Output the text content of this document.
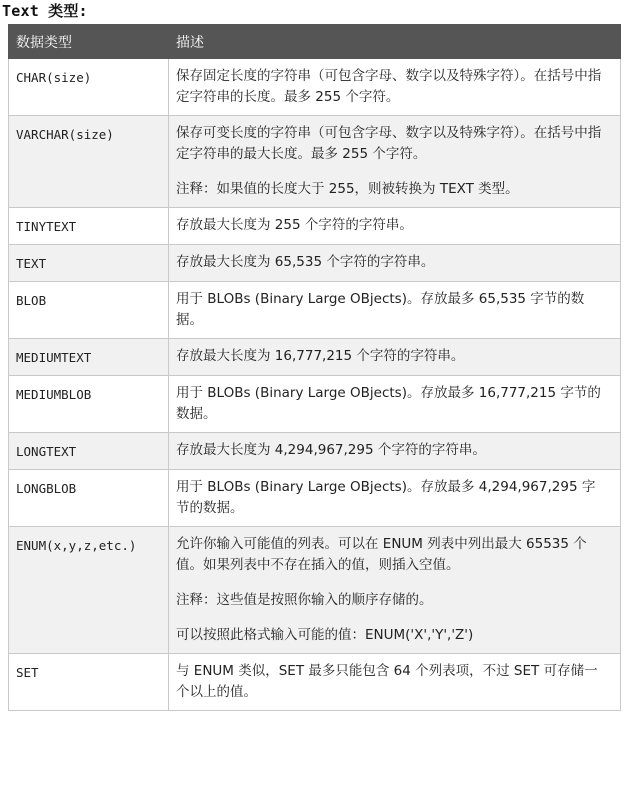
Text 类型:
数据类型	描述
CHAR(size)	保存固定长度的字符串（可包含字母、数字以及特殊字符）。在括号中指定字符串的长度。最多 255 个字符。

VARCHAR(size)	保存可变长度的字符串（可包含字母、数字以及特殊字符）。在括号中指定字符串的最大长度。最多 255 个字符。
注释：如果值的长度大于 255，则被转换为 TEXT 类型。

TINYTEXT	存放最大长度为 255 个字符的字符串。

TEXT	存放最大长度为 65,535 个字符的字符串。

BLOB	用于 BLOBs (Binary Large OBjects)。存放最多 65,535 字节的数据。

MEDIUMTEXT	存放最大长度为 16,777,215 个字符的字符串。

MEDIUMBLOB	用于 BLOBs (Binary Large OBjects)。存放最多 16,777,215 字节的数据。

LONGTEXT	存放最大长度为 4,294,967,295 个字符的字符串。

LONGBLOB	用于 BLOBs (Binary Large OBjects)。存放最多 4,294,967,295 字节的数据。

ENUM(x,y,z,etc.)	允许你输入可能值的列表。可以在 ENUM 列表中列出最大 65535 个值。如果列表中不存在插入的值，则插入空值。
注释：这些值是按照你输入的顺序存储的。
可以按照此格式输入可能的值：ENUM('X','Y','Z')

SET	与 ENUM 类似，SET 最多只能包含 64 个列表项，不过 SET 可存储一个以上的值。
